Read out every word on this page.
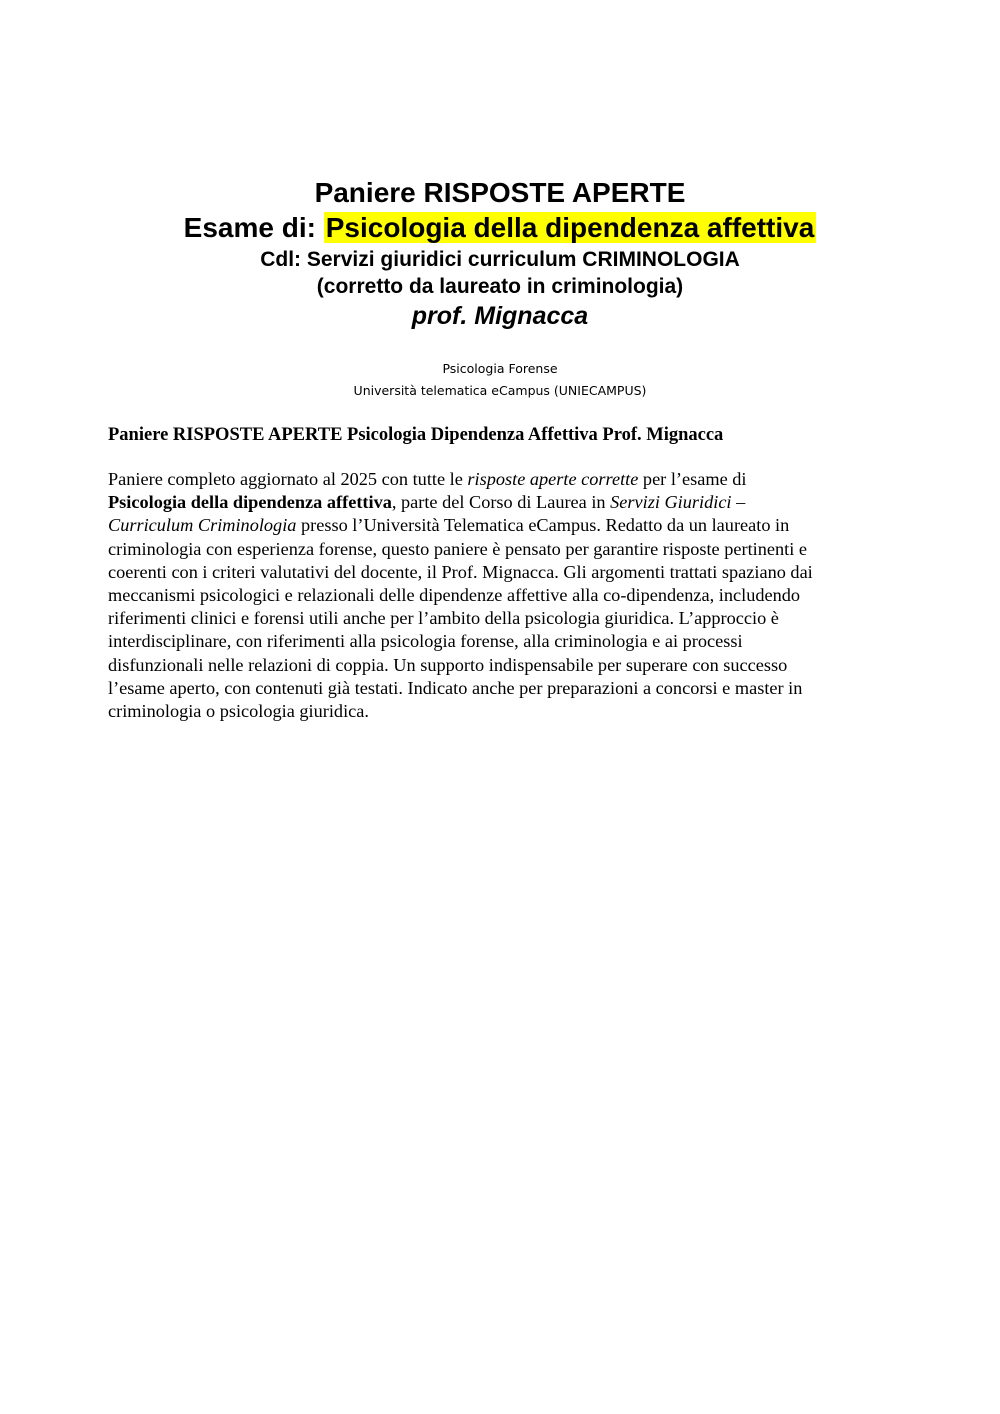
Paniere RISPOSTE APERTE

Esame di: Psicologia della dipendenza affettiva

Cdl: Servizi giuridici curriculum CRIMINOLOGIA

(corretto da laureato in criminologia)

prof. Mignacca

Psicologia Forense
Università telematica eCampus (UNIECAMPUS)

Paniere RISPOSTE APERTE Psicologia Dipendenza Affettiva Prof. Mignacca

Paniere completo aggiornato al 2025 con tutte le risposte aperte corrette per l’esame di
Psicologia della dipendenza affettiva, parte del Corso di Laurea in Servizi Giuridici –
Curriculum Criminologia presso l’Università Telematica eCampus. Redatto da un laureato in
criminologia con esperienza forense, questo paniere è pensato per garantire risposte pertinenti e
coerenti con i criteri valutativi del docente, il Prof. Mignacca. Gli argomenti trattati spaziano dai
meccanismi psicologici e relazionali delle dipendenze affettive alla co-dipendenza, includendo
riferimenti clinici e forensi utili anche per l’ambito della psicologia giuridica. L’approccio è
interdisciplinare, con riferimenti alla psicologia forense, alla criminologia e ai processi
disfunzionali nelle relazioni di coppia. Un supporto indispensabile per superare con successo
l’esame aperto, con contenuti già testati. Indicato anche per preparazioni a concorsi e master in
criminologia o psicologia giuridica.
